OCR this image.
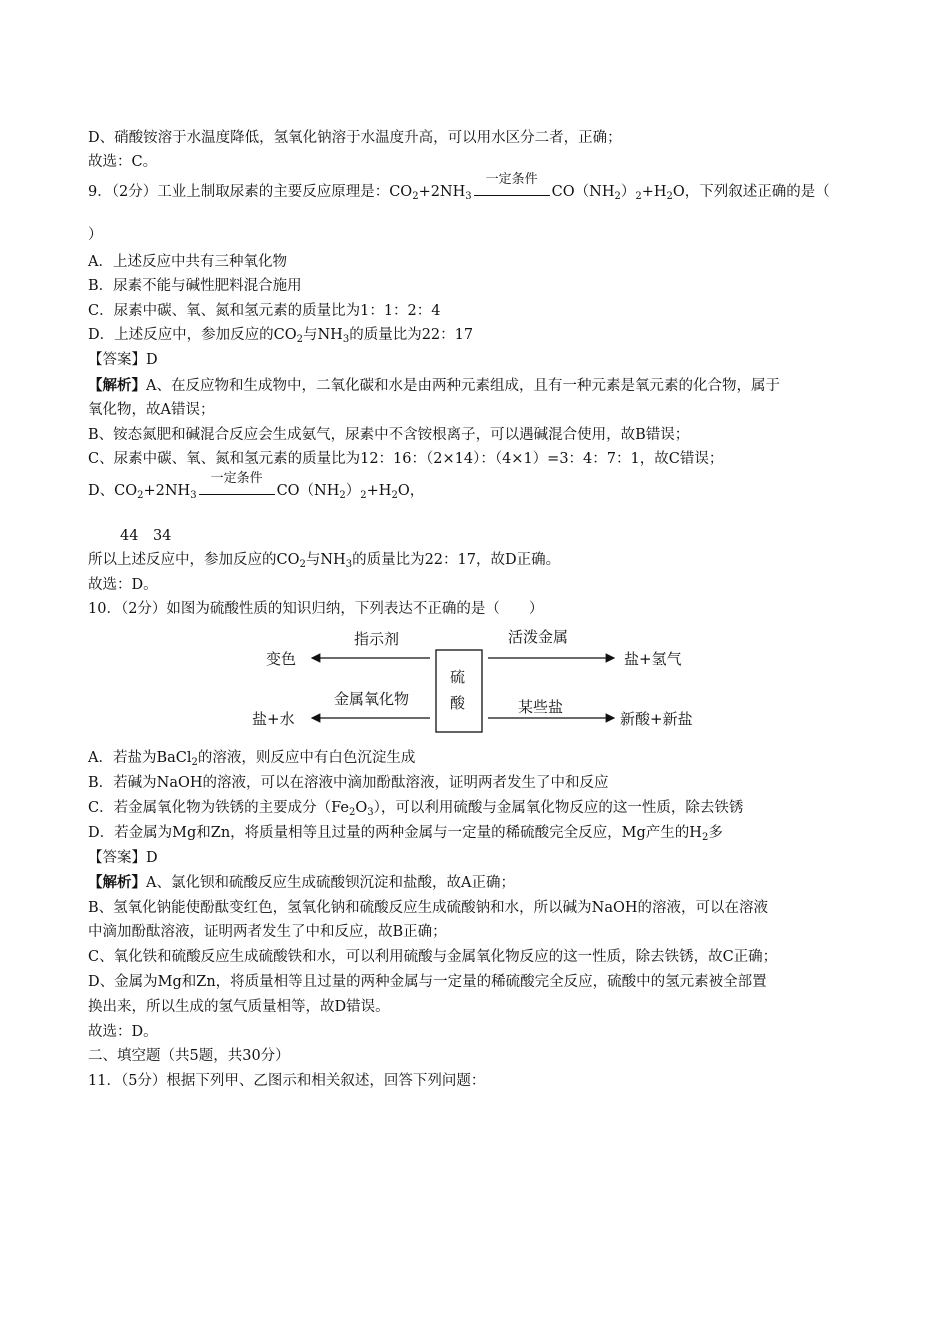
D、硝酸铵溶于水温度降低，氢氧化钠溶于水温度升高，可以用水区分二者，正确；
故选：C。
9．（2分）工业上制取尿素的主要反应原理是：$CO_2+2NH_3$
一定条件
$CO(NH_2)_2+H_2O$，下列叙述正确的是（
）
A．上述反应中共有三种氧化物
B．尿素不能与碱性肥料混合施用
C．尿素中碳、氧、氮和氢元素的质量比为1：1：2：4
D．上述反应中，参加反应的$CO_2$与$NH_3$的质量比为22：17
【答案】D
【解析】A、在反应物和生成物中，二氧化碳和水是由两种元素组成，且有一种元素是氧元素的化合物，属于
氧化物，故A错误；
B、铵态氮肥和碱混合反应会生成氨气，尿素中不含铵根离子，可以遇碱混合使用，故B错误；
C、尿素中碳、氧、氮和氢元素的质量比为12：16：（2×14）：（4×1）=3：4：7：1，故C错误；
D、$CO_2+2NH_3$
一定条件
$CO(NH_2)_2+H_2O$，
44　34
所以上述反应中，参加反应的$CO_2$与$NH_3$的质量比为22：17，故D正确。
故选：D。
10．（2分）如图为硫酸性质的知识归纳，下列表达不正确的是（　　）
硫
酸
指示剂
变色
金属氧化物
盐+水
活泼金属
盐+氢气
某些盐
新酸+新盐
A．若盐为BaCl$_2$的溶液，则反应中有白色沉淀生成
B．若碱为NaOH的溶液，可以在溶液中滴加酚酞溶液，证明两者发生了中和反应
C．若金属氧化物为铁锈的主要成分$(Fe_2O_3)$，可以利用硫酸与金属氧化物反应的这一性质，除去铁锈
D．若金属为Mg和Zn，将质量相等且过量的两种金属与一定量的稀硫酸完全反应，Mg产生的$H_2$多
【答案】D
【解析】A、氯化钡和硫酸反应生成硫酸钡沉淀和盐酸，故A正确；
B、氢氧化钠能使酚酞变红色，氢氧化钠和硫酸反应生成硫酸钠和水，所以碱为NaOH的溶液，可以在溶液
中滴加酚酞溶液，证明两者发生了中和反应，故B正确；
C、氧化铁和硫酸反应生成硫酸铁和水，可以利用硫酸与金属氧化物反应的这一性质，除去铁锈，故C正确；
D、金属为Mg和Zn，将质量相等且过量的两种金属与一定量的稀硫酸完全反应，硫酸中的氢元素被全部置
换出来，所以生成的氢气质量相等，故D错误。
故选：D。
二、填空题（共5题，共30分）
11．（5分）根据下列甲、乙图示和相关叙述，回答下列问题：
